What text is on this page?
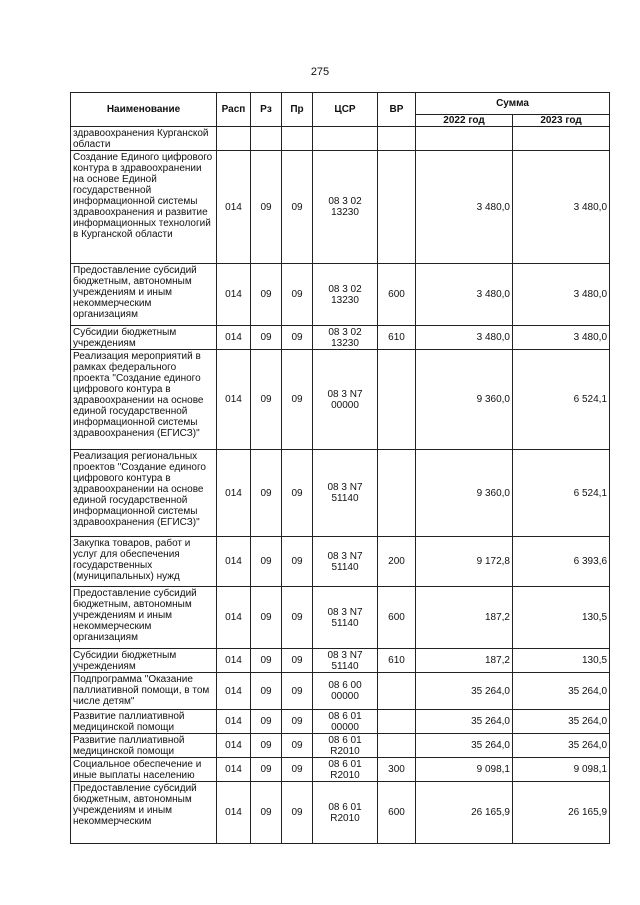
275
Наименование	Расп	Рз	Пр	ЦСР	ВР	Сумма	
						2022 год	2023 год
здравоохранения Курганской области							
Создание Единого цифрового контура в здравоохранении на основе Единой государственной информационной системы здравоохранения и развитие информационных технологий в Курганской области	014	09	09	08 3 02 13230		3 480,0	3 480,0
Предоставление субсидий бюджетным, автономным учреждениям и иным некоммерческим организациям	014	09	09	08 3 02 13230	600	3 480,0	3 480,0
Субсидии бюджетным учреждениям	014	09	09	08 3 02 13230	610	3 480,0	3 480,0
Реализация мероприятий в рамках федерального проекта "Создание единого цифрового контура в здравоохранении на основе единой государственной информационной системы здравоохранения (ЕГИСЗ)"	014	09	09	08 3 N7 00000		9 360,0	6 524,1
Реализация региональных проектов "Создание единого цифрового контура в здравоохранении на основе единой государственной информационной системы здравоохранения (ЕГИСЗ)"	014	09	09	08 3 N7 51140		9 360,0	6 524,1
Закупка товаров, работ и услуг для обеспечения государственных (муниципальных) нужд	014	09	09	08 3 N7 51140	200	9 172,8	6 393,6
Предоставление субсидий бюджетным, автономным учреждениям и иным некоммерческим организациям	014	09	09	08 3 N7 51140	600	187,2	130,5
Субсидии бюджетным учреждениям	014	09	09	08 3 N7 51140	610	187,2	130,5
Подпрограмма "Оказание паллиативной помощи, в том числе детям"	014	09	09	08 6 00 00000		35 264,0	35 264,0
Развитие паллиативной медицинской помощи	014	09	09	08 6 01 00000		35 264,0	35 264,0
Развитие паллиативной медицинской помощи	014	09	09	08 6 01 R2010		35 264,0	35 264,0
Социальное обеспечение и иные выплаты населению	014	09	09	08 6 01 R2010	300	9 098,1	9 098,1
Предоставление субсидий бюджетным, автономным учреждениям и иным некоммерческим	014	09	09	08 6 01 R2010	600	26 165,9	26 165,9
